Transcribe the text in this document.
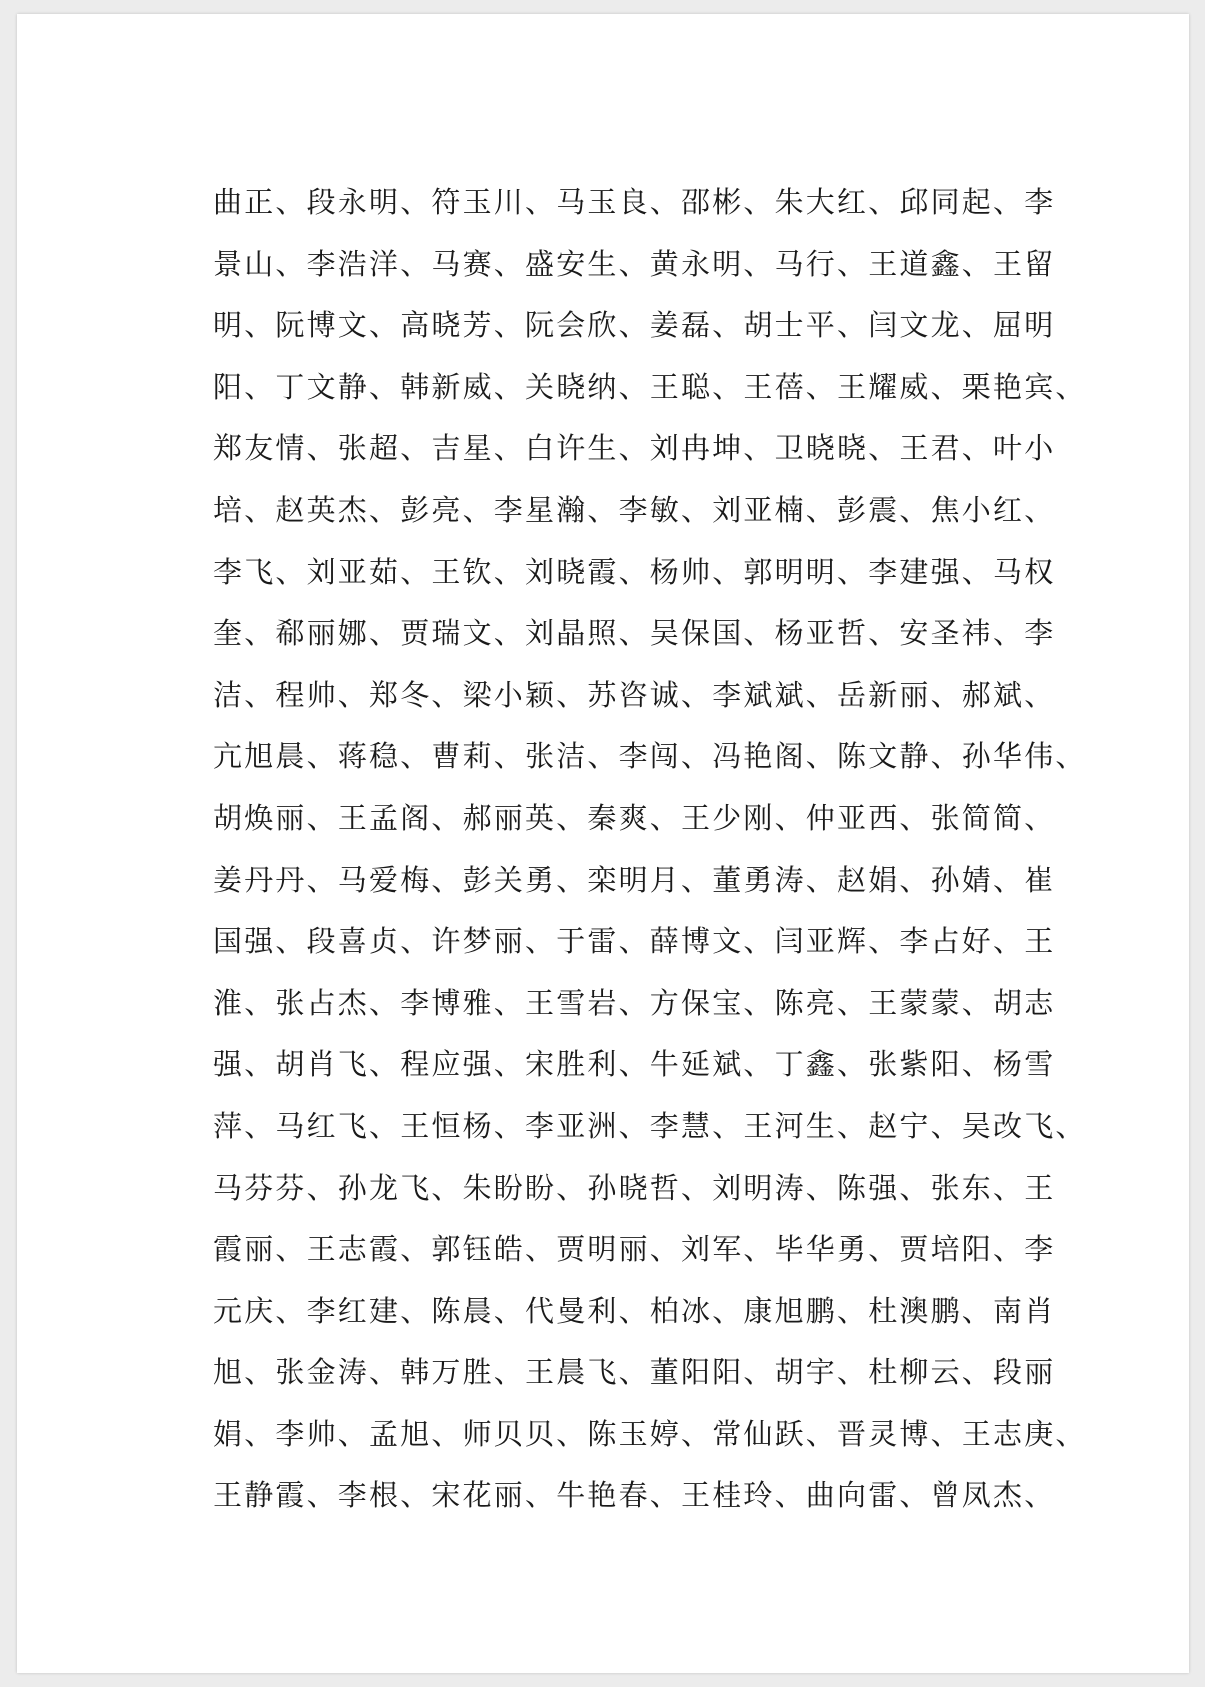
曲正、段永明、符玉川、马玉良、邵彬、朱大红、邱同起、李
景山、李浩洋、马赛、盛安生、黄永明、马行、王道鑫、王留
明、阮博文、高晓芳、阮会欣、姜磊、胡士平、闫文龙、屈明
阳、丁文静、韩新威、关晓纳、王聪、王蓓、王耀威、栗艳宾、
郑友情、张超、吉星、白许生、刘冉坤、卫晓晓、王君、叶小
培、赵英杰、彭亮、李星瀚、李敏、刘亚楠、彭震、焦小红、
李飞、刘亚茹、王钦、刘晓霞、杨帅、郭明明、李建强、马权
奎、郗丽娜、贾瑞文、刘晶照、吴保国、杨亚哲、安圣祎、李
洁、程帅、郑冬、梁小颖、苏咨诚、李斌斌、岳新丽、郝斌、
亢旭晨、蒋稳、曹莉、张洁、李闯、冯艳阁、陈文静、孙华伟、
胡焕丽、王孟阁、郝丽英、秦爽、王少刚、仲亚西、张简简、
姜丹丹、马爱梅、彭关勇、栾明月、董勇涛、赵娟、孙婧、崔
国强、段喜贞、许梦丽、于雷、薛博文、闫亚辉、李占好、王
淮、张占杰、李博雅、王雪岩、方保宝、陈亮、王蒙蒙、胡志
强、胡肖飞、程应强、宋胜利、牛延斌、丁鑫、张紫阳、杨雪
萍、马红飞、王恒杨、李亚洲、李慧、王河生、赵宁、吴改飞、
马芬芬、孙龙飞、朱盼盼、孙晓哲、刘明涛、陈强、张东、王
霞丽、王志霞、郭钰皓、贾明丽、刘军、毕华勇、贾培阳、李
元庆、李红建、陈晨、代曼利、柏冰、康旭鹏、杜澳鹏、南肖
旭、张金涛、韩万胜、王晨飞、董阳阳、胡宇、杜柳云、段丽
娟、李帅、孟旭、师贝贝、陈玉婷、常仙跃、晋灵博、王志庚、
王静霞、李根、宋花丽、牛艳春、王桂玲、曲向雷、曾凤杰、
